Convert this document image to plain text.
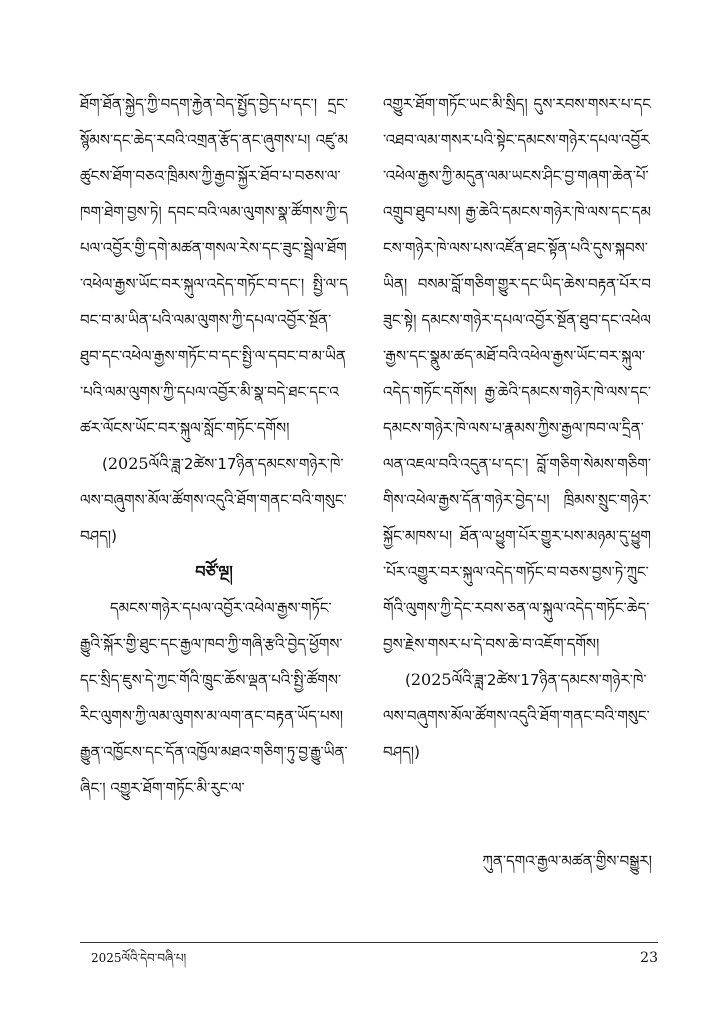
ཐོག་ཐོན་སྐྱེད་ཀྱི་བདག་རྐྱེན་བེད་སྤྱོད་བྱེད་པ་དང་། དྲང་སྙོམས་དང་ཆེད་རབའི་འགྲན་རྩོད་ནང་ཞུགས་པ། འཛུ་མཚུངས་ཐོག་བཅའ་ཁྲིམས་ཀྱི་རྒྱབ་སྐྱོར་ཐོབ་པ་བཅས་ལ་ཁག་ཐེག་བྱས་ཏེ། དབང་བའི་ལམ་ལུགས་སྣ་ཚོགས་ཀྱི་དཔལ་འབྱོར་གྱི་དགེ་མཚན་གསལ་རེས་དང་ཟུང་སྦྲེལ་ཐོག་འཕེལ་རྒྱས་ཡོང་བར་སྐུལ་འདེད་གཏོང་བ་དང་། སྤྱི་ལ་དབང་བ་མ་ཡིན་པའི་ལམ་ལུགས་ཀྱི་དཔལ་འབྱོར་སྔོན་ཐུབ་དང་འཕེལ་རྒྱས་གཏོང་བ་དང་སྤྱི་ལ་དབང་བ་མ་ཡིན་པའི་ལམ་ལུགས་ཀྱི་དཔལ་འབྱོར་མི་སྣ་བདེ་ཐང་དང་འཚར་ལོངས་ཡོང་བར་སྐུལ་སློང་གཏོང་དགོས།

(2025ལོའི་ཟླ་2ཚེས་17ཉིན་དམངས་གཉེར་ཁེ་ལས་བཞུགས་མོལ་ཚོགས་འདུའི་ཐོག་གནང་བའི་གསུང་བཤད།)

བཙོ་ལྔ།

དམངས་གཉེར་དཔལ་འབྱོར་འཕེལ་རྒྱས་གཏོང་རྒྱུའི་སྐོར་གྱི་ཐུང་དང་རྒྱལ་ཁབ་ཀྱི་གཞི་རྩའི་བྱེད་ཕྱོགས་དང་སྲིད་ཇུས་དེ་ཀྱང་གོའི་ཁྲུང་ཆོས་ལྡན་པའི་སྤྱི་ཚོགས་རིང་ལུགས་ཀྱི་ལམ་ལུགས་མ་ལག་ནང་བརྟན་ཡོད་པས། རྒྱུན་འཁྱོངས་དང་དོན་འཁྱོལ་མཐའ་གཅིག་ཏུ་བྱ་རྒྱུ་ཡིན་ཞིང་། འགྱུར་ཐོག་གཏོང་མི་རུང་ལ་

འགྱུར་ཐོག་གཏོང་ཡང་མི་སྲིད། དུས་རབས་གསར་པ་དང་འཐབ་ལམ་གསར་པའི་སྟེང་དམངས་གཉེར་དཔལ་འབྱོར་འཕེལ་རྒྱས་ཀྱི་མདུན་ལམ་ཡངས་ཤིང་བྱ་གཞག་ཆེན་པོ་འགྲུབ་ཐུབ་པས། རྒྱ་ཆེའི་དམངས་གཉེར་ཁེ་ལས་དང་དམངས་གཉེར་ཁེ་ལས་པས་འཛོན་ཐང་སྟོན་པའི་དུས་སྐབས་ཡིན། བསམ་བློ་གཅིག་གྱུར་དང་ཡིད་ཆེས་བརྟན་པོར་བཟུང་སྟེ། དམངས་གཉེར་དཔལ་འབྱོར་སྔོན་ཐུབ་དང་འཕེལ་རྒྱས་དང་སྣུམ་ཚད་མཐོ་བའི་འཕེལ་རྒྱས་ཡོང་བར་སྐུལ་འདེད་གཏོང་དགོས། རྒྱ་ཆེའི་དམངས་གཉེར་ཁེ་ལས་དང་དམངས་གཉེར་ཁེ་ལས་པ་རྣམས་ཀྱིས་རྒྱལ་ཁབ་ལ་དྲིན་ལན་འཇལ་བའི་འདུན་པ་དང་། བློ་གཅིག་སེམས་གཅིག་གིས་འཕེལ་རྒྱས་དོན་གཉེར་བྱེད་པ། ཁྲིམས་སྲུང་གཉེར་སྐྱོང་མཁས་པ། ཐོན་ལ་ཕྱུག་པོར་གྱུར་པས་མཉམ་དུ་ཕྱུག་པོར་འགྱུར་བར་སྐུལ་འདེད་གཏོང་བ་བཅས་བྱས་ཏེ་ཀྲུང་གོའི་ལུགས་ཀྱི་དེང་རབས་ཅན་ལ་སྐུལ་འདེད་གཏོང་ཆེད་བྱས་རྗེས་གསར་པ་དེ་བས་ཆེ་བ་འཇོག་དགོས།

(2025ལོའི་ཟླ་2ཚེས་17ཉིན་དམངས་གཉེར་ཁེ་ལས་བཞུགས་མོལ་ཚོགས་འདུའི་ཐོག་གནང་བའི་གསུང་བཤད།)

ཀུན་དགའ་རྒྱལ་མཚན་གྱིས་བསྒྱུར།
2025ལོའི་དེབ་བཞི་པ།	23
